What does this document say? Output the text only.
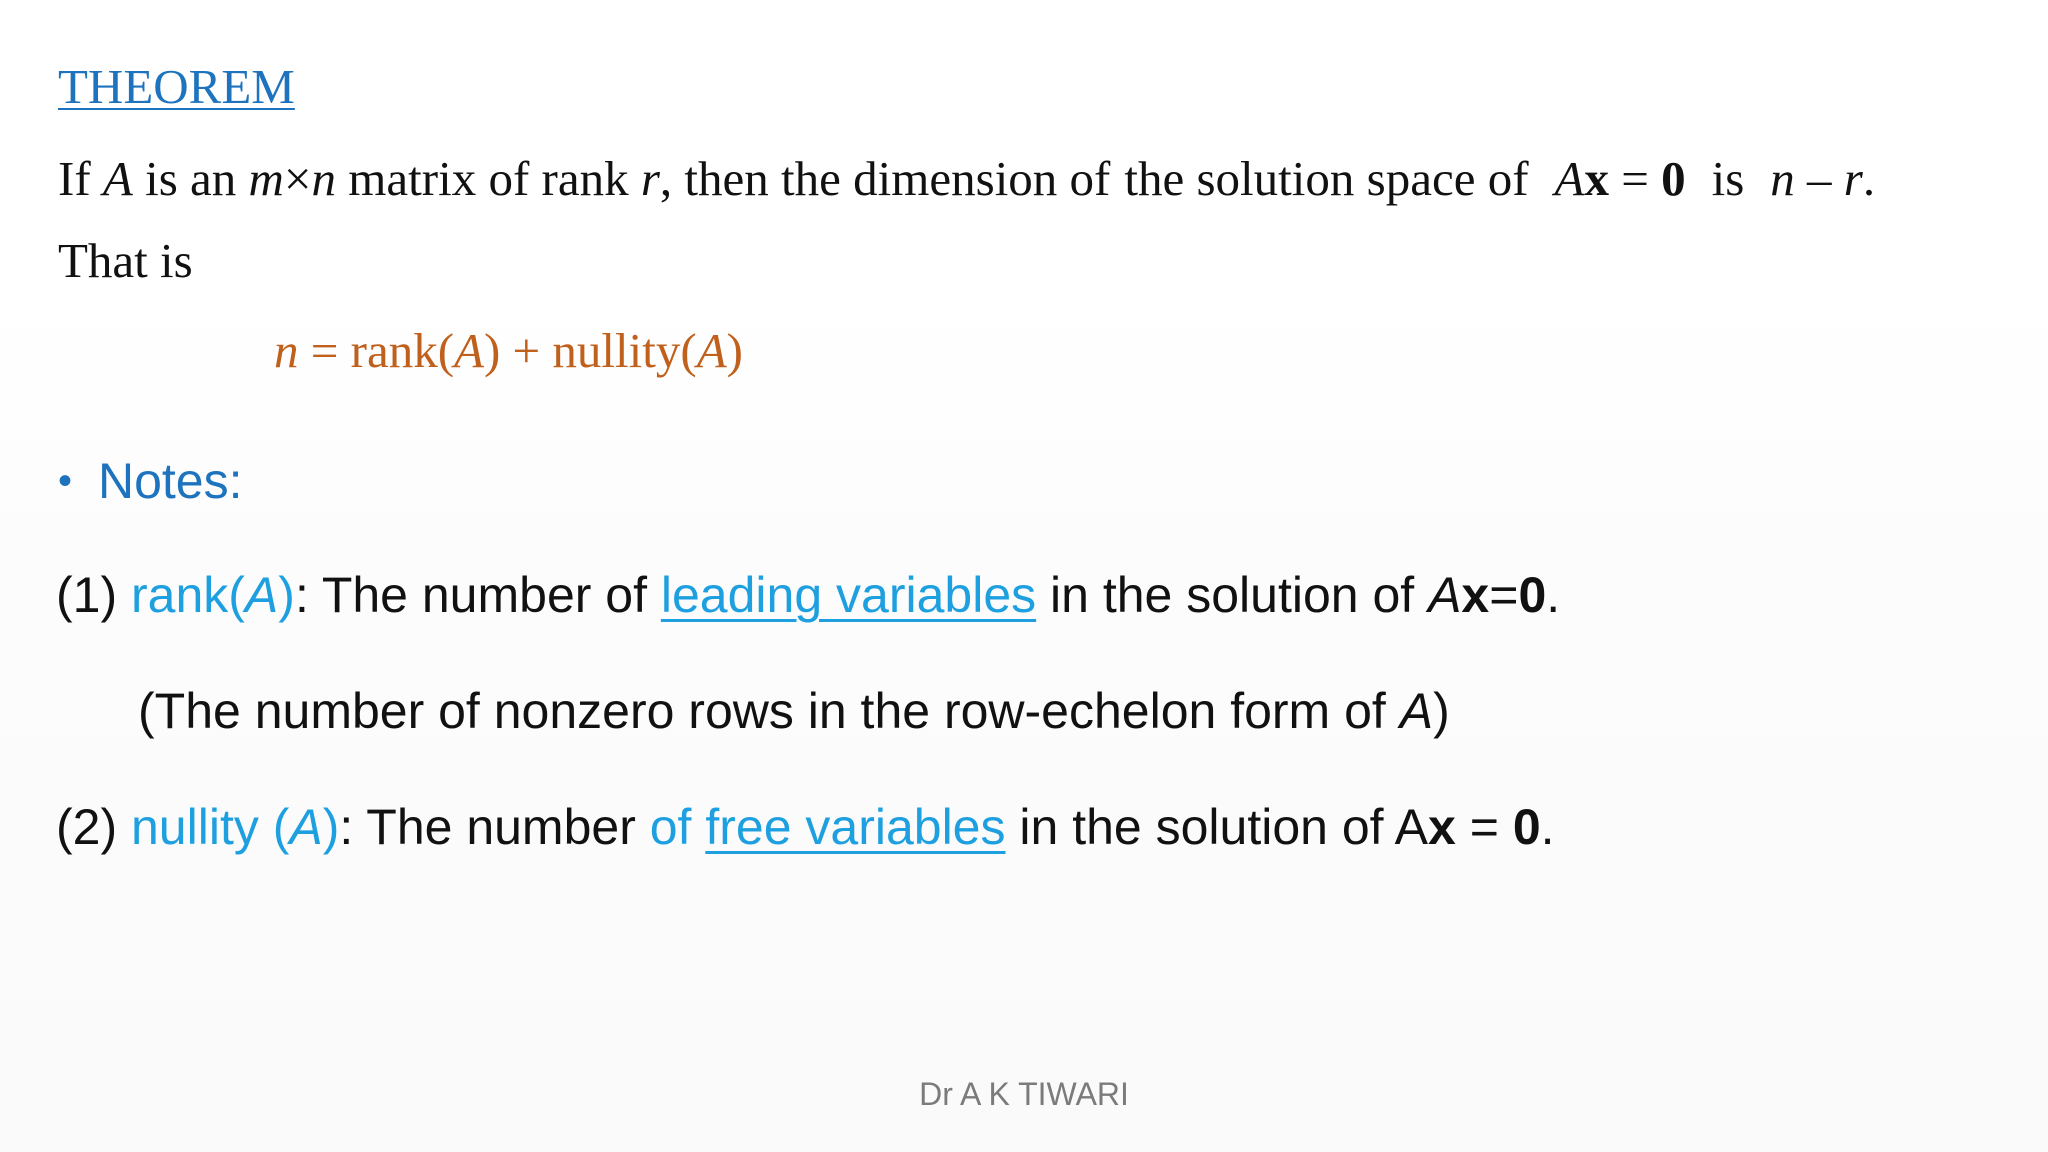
THEOREM
If A is an m×n matrix of rank r, then the dimension of the solution space of Ax = 0 is n – r.
That is
n = rank(A) + nullity(A)
• Notes:
(1) rank(A): The number of leading variables in the solution of Ax=0.
(The number of nonzero rows in the row-echelon form of A)
(2) nullity (A): The number of free variables in the solution of Ax = 0.
Dr A K TIWARI
